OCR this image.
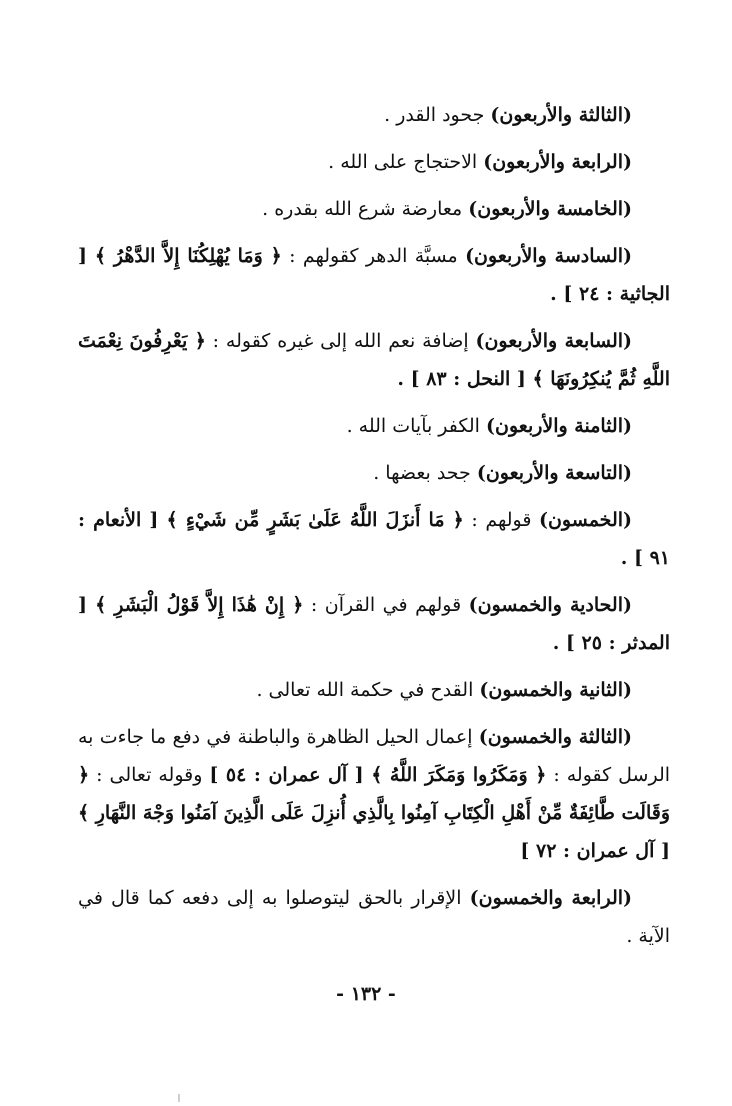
(الثالثة والأربعون) جحود القدر .

(الرابعة والأربعون) الاحتجاج على الله .

(الخامسة والأربعون) معارضة شرع الله بقدره .

(السادسة والأربعون) مسبَّة الدهر كقولهم : ﴿ وَمَا يُهْلِكُنَا إِلاَّ الدَّهْرُ ﴾ [ الجاثية : ٢٤ ] .

(السابعة والأربعون) إضافة نعم الله إلى غيره كقوله : ﴿ يَعْرِفُونَ نِعْمَتَ اللَّهِ ثُمَّ يُنكِرُونَهَا ﴾ [ النحل : ٨٣ ] .

(الثامنة والأربعون) الكفر بآيات الله .

(التاسعة والأربعون) جحد بعضها .

(الخمسون) قولهم : ﴿ مَا أَنزَلَ اللَّهُ عَلَىٰ بَشَرٍ مِّن شَيْءٍ ﴾ [ الأنعام : ٩١ ] .

(الحادية والخمسون) قولهم في القرآن : ﴿ إِنْ هَٰذَا إِلاَّ قَوْلُ الْبَشَرِ ﴾ [ المدثر : ٢٥ ] .

(الثانية والخمسون) القدح في حكمة الله تعالى .

(الثالثة والخمسون) إعمال الحيل الظاهرة والباطنة في دفع ما جاءت به الرسل كقوله : ﴿ وَمَكَرُوا وَمَكَرَ اللَّهُ ﴾ [ آل عمران : ٥٤ ] وقوله تعالى : ﴿ وَقَالَت طَّائِفَةٌ مِّنْ أَهْلِ الْكِتَابِ آمِنُوا بِالَّذِي أُنزِلَ عَلَى الَّذِينَ آمَنُوا وَجْهَ النَّهَارِ ﴾ [ آل عمران : ٧٢ ]

(الرابعة والخمسون) الإقرار بالحق ليتوصلوا به إلى دفعه كما قال في الآية .

- ١٣٢ -
